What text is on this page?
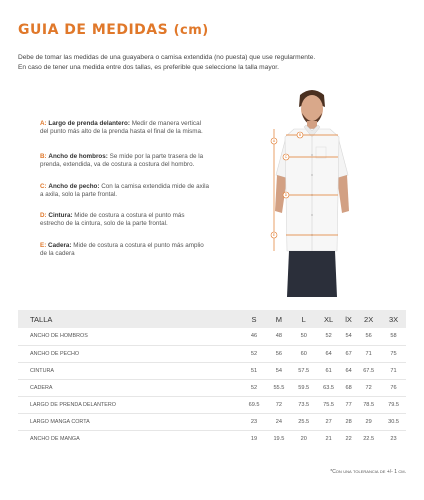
GUIA DE MEDIDAS (cm)
Debe de tomar las medidas de una guayabera o camisa extendida (no puesta) que use regularmente.
En caso de tener una medida entre dos tallas, es preferible que seleccione la talla mayor.
A: Largo de prenda delantero: Medir de manera vertical del punto más alto de la prenda hasta el final de la misma.
B: Ancho de hombros: Se mide por la parte trasera de la prenda, extendida, va de costura a costura del hombro.
C: Ancho de pecho: Con la camisa extendida mide de axila a axila, solo la parte frontal.
D: Cintura: Mide de costura a costura el punto más estrecho de la cintura, solo de la parte frontal.
E: Cadera: Mide de costura a costura el punto más amplio de la cadera
A
B
C
D
E
TALLA	S	M	L	XL	lX	2X	3X
ANCHO DE HOMBROS	46	48	50	52	54	56	58
ANCHO DE PECHO	52	56	60	64	67	71	75
CINTURA	51	54	57.5	61	64	67.5	71
CADERA	52	55.5	59.5	63.5	68	72	76
LARGO DE PRENDA DELANTERO	69.5	72	73.5	75.5	77	78.5	79.5
LARGO MANGA CORTA	23	24	25.5	27	28	29	30.5
ANCHO DE MANGA	19	19.5	20	21	22	22.5	23
*Con una tolerancia de +/- 1 cm.
